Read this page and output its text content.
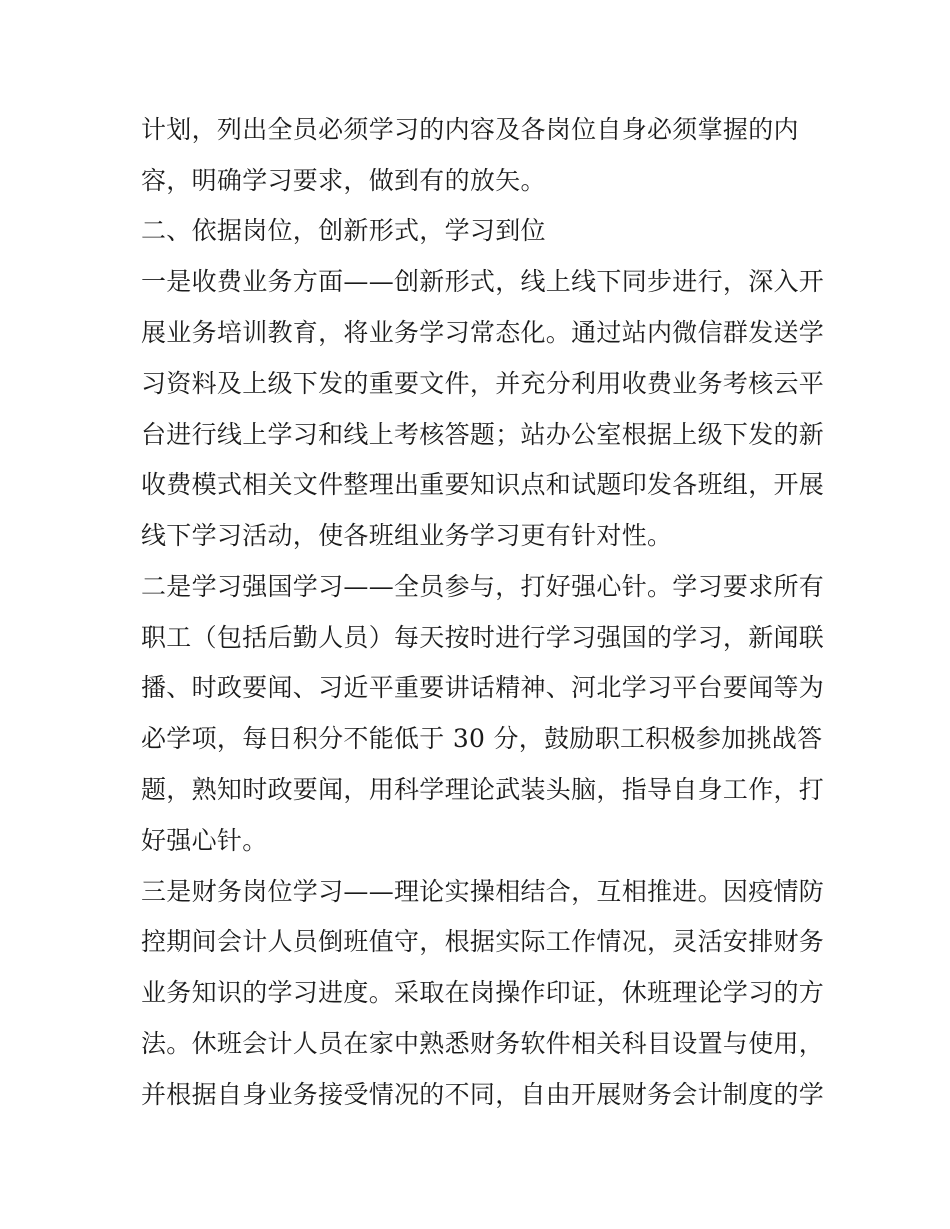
计划，列出全员必须学习的内容及各岗位自身必须掌握的内
容，明确学习要求，做到有的放矢。
二、依据岗位，创新形式，学习到位
一是收费业务方面——创新形式，线上线下同步进行，深入开
展业务培训教育，将业务学习常态化。通过站内微信群发送学
习资料及上级下发的重要文件，并充分利用收费业务考核云平
台进行线上学习和线上考核答题；站办公室根据上级下发的新
收费模式相关文件整理出重要知识点和试题印发各班组，开展
线下学习活动，使各班组业务学习更有针对性。
二是学习强国学习——全员参与，打好强心针。学习要求所有
职工（包括后勤人员）每天按时进行学习强国的学习，新闻联
播、时政要闻、习近平重要讲话精神、河北学习平台要闻等为
必学项，每日积分不能低于 30 分，鼓励职工积极参加挑战答
题，熟知时政要闻，用科学理论武装头脑，指导自身工作，打
好强心针。
三是财务岗位学习——理论实操相结合，互相推进。因疫情防
控期间会计人员倒班值守，根据实际工作情况，灵活安排财务
业务知识的学习进度。采取在岗操作印证，休班理论学习的方
法。休班会计人员在家中熟悉财务软件相关科目设置与使用，
并根据自身业务接受情况的不同，自由开展财务会计制度的学
